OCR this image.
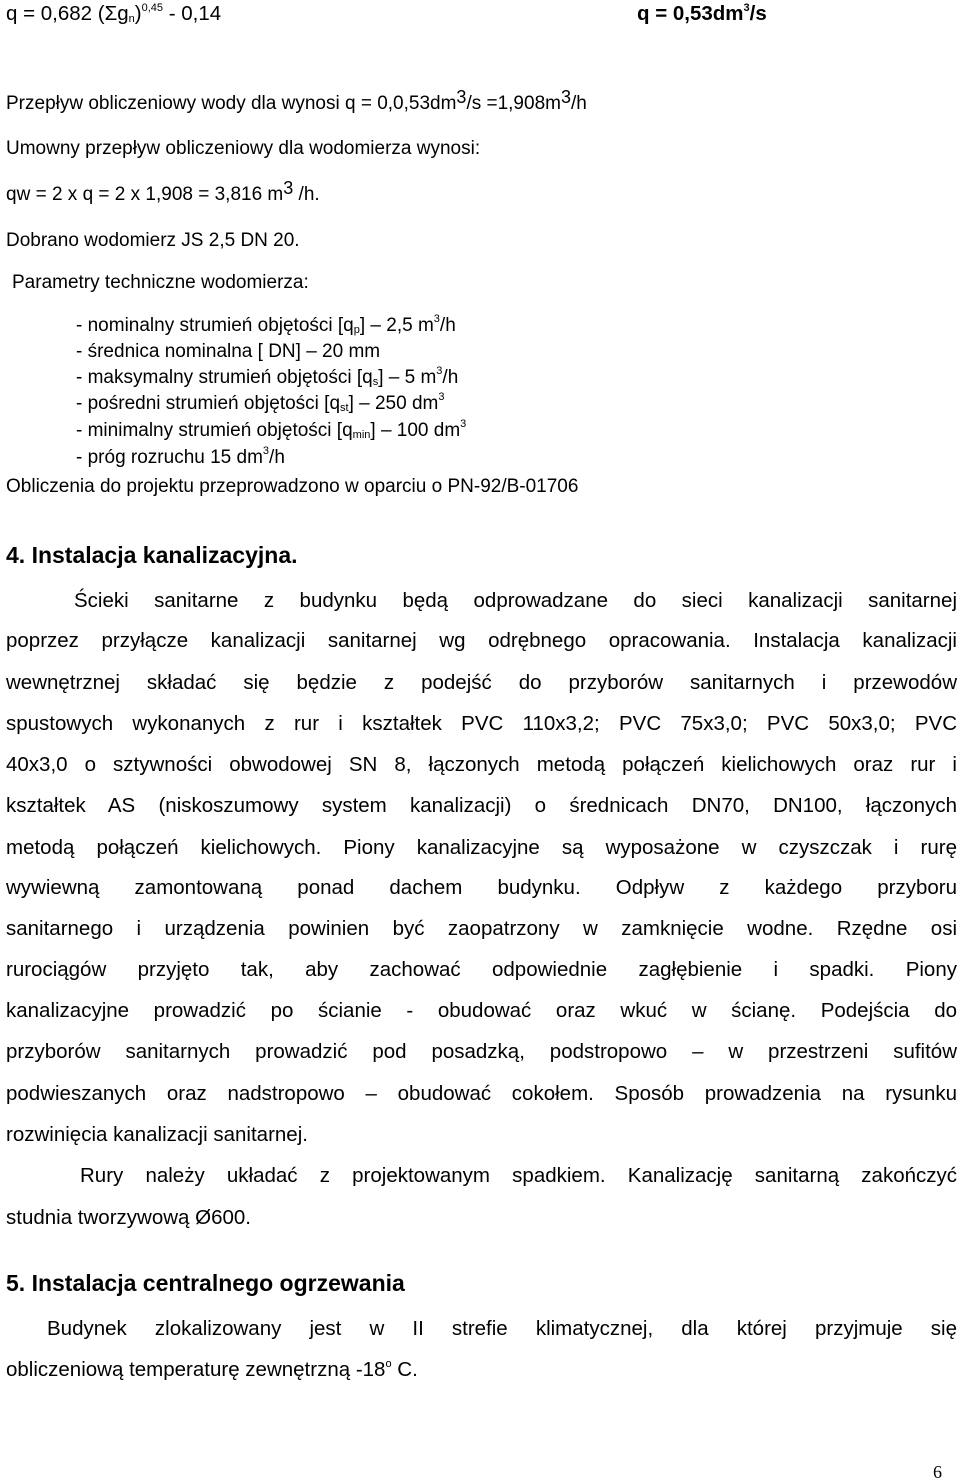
q = 0,682 $(\Sigma g_n)^{0,45} - 0,14$	$q = 0,53dm^3/s$
Przepływ obliczeniowy wody dla wynosi $q = 0,0,53dm^3/s =1,908m^3/h$
Umowny przepływ obliczeniowy dla wodomierza wynosi:
qw = 2 x q = 2 x 1,908 = 3,816 $m^3$ /h.
Dobrano wodomierz JS 2,5 DN 20.
Parametry techniczne wodomierza:
- nominalny strumień objętości $[q_p] - 2,5$ $m^3/h$
- średnica nominalna [ DN] – 20 mm
- maksymalny strumień objętości $[q_s] - 5$ $m^3/h$
- pośredni strumień objętości $[q_{st}] - 250$ $dm^3$
- minimalny strumień objętości $[q_{min}] - 100$ $dm^3$
- próg rozruchu 15 $dm^3/h$
Obliczenia do projektu przeprowadzono w oparciu o PN-92/B-01706
4. Instalacja kanalizacyjna.
Ścieki sanitarne z budynku będą odprowadzane do sieci kanalizacji sanitarnej
poprzez przyłącze kanalizacji sanitarnej wg odrębnego opracowania. Instalacja kanalizacji
wewnętrznej składać się będzie z podejść do przyborów sanitarnych i przewodów
spustowych wykonanych z rur i kształtek PVC 110x3,2; PVC 75x3,0; PVC 50x3,0; PVC
40x3,0 o sztywności obwodowej SN 8, łączonych metodą połączeń kielichowych oraz rur i
kształtek AS (niskoszumowy system kanalizacji) o średnicach DN70, DN100, łączonych
metodą połączeń kielichowych. Piony kanalizacyjne są wyposażone w czyszczak i rurę
wywiewną zamontowaną ponad dachem budynku. Odpływ z każdego przyboru
sanitarnego i urządzenia powinien być zaopatrzony w zamknięcie wodne. Rzędne osi
rurociągów przyjęto tak, aby zachować odpowiednie zagłębienie i spadki. Piony
kanalizacyjne prowadzić po ścianie - obudować oraz wkuć w ścianę. Podejścia do
przyborów sanitarnych prowadzić pod posadzką, podstropowo – w przestrzeni sufitów
podwieszanych oraz nadstropowo – obudować cokołem. Sposób prowadzenia na rysunku
rozwinięcia kanalizacji sanitarnej.
Rury należy układać z projektowanym spadkiem. Kanalizację sanitarną zakończyć
studnia tworzywową Ø600.
5. Instalacja centralnego ogrzewania
Budynek zlokalizowany jest w II strefie klimatycznej, dla której przyjmuje się
obliczeniową temperaturę zewnętrzną -18$^o$ C.
6
